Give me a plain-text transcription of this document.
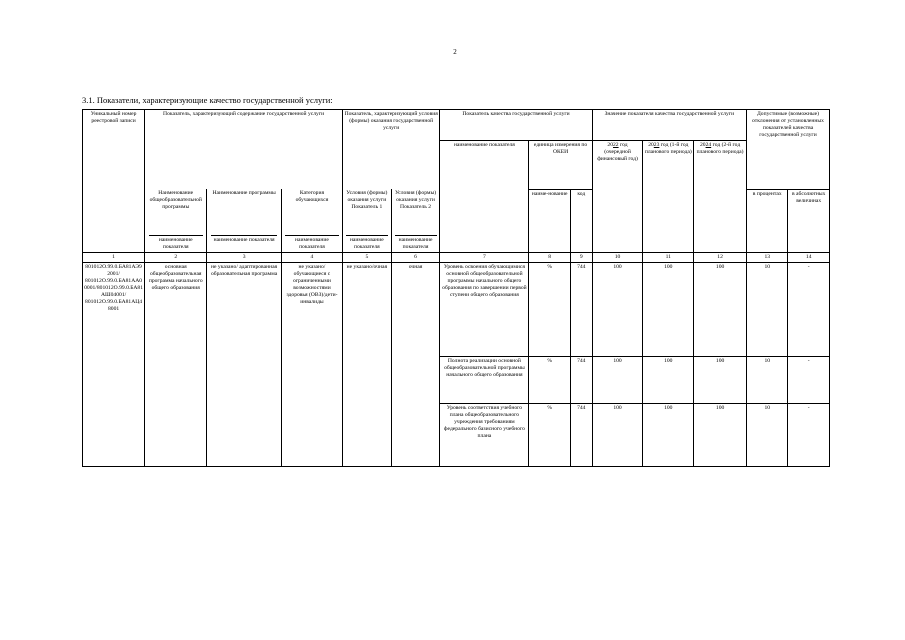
2
3.1. Показатели, характеризующие качество государственной услуги:
Уникальный номер реестровой записи	Показатель, характеризующий содержание государственной услуги			Показатель, характеризующий условия (формы) оказания государственной услуги		Показатель качества государственной услуги			Значение показателя качества государственной услуги			Допустимые (возможные) отклонения от установленных показателей качества государственной услуги	
						наименование показателя	единица измерения по ОКЕИ		2022 год (очередной финансовый год)	2023 год (1-й год планового периода)	2024 год (2-й год планового периода)		
	Наименование общеобразовательной программы	Наименование программы	Категория обучающихся	Условия (формы) оказания услуги Показатель 1	Условия (формы) оказания услуги Показатель 2		наиме-нование	код				в процентах	в абсолютных величинах

наименование показателя	наименование показателя	наименование показателя	наименование показателя	наименование показателя								
1	2	3	4	5	6	7	8	9	10	11	12	13	14
801012О.99.0.БА81АЭ92001/ 801012О.99.0.БА81АА00001/801012О.99.0.БА81АШ04001/ 801012О.99.0.БА81АЦ48001	основная общеобразовательная программа начального общего образования	не указано/ адаптированная образовательная программа	не указано/ обучающиеся с ограниченными возможностями здоровья (ОВЗ)/дети-инвалиды	не указано/очная	очная	Уровень освоения обучающимися основной общеобразовательной программы начального общего образования по завершении первой ступени общего образования	%	744	100	100	100	10	-
						Полнота реализации основной общеобразовательной программы начального общего образования	%	744	100	100	100	10	-
						Уровень соответствия учебного плана общеобразовательного учреждения требованиям федерального базисного учебного плана	%	744	100	100	100	10	-
